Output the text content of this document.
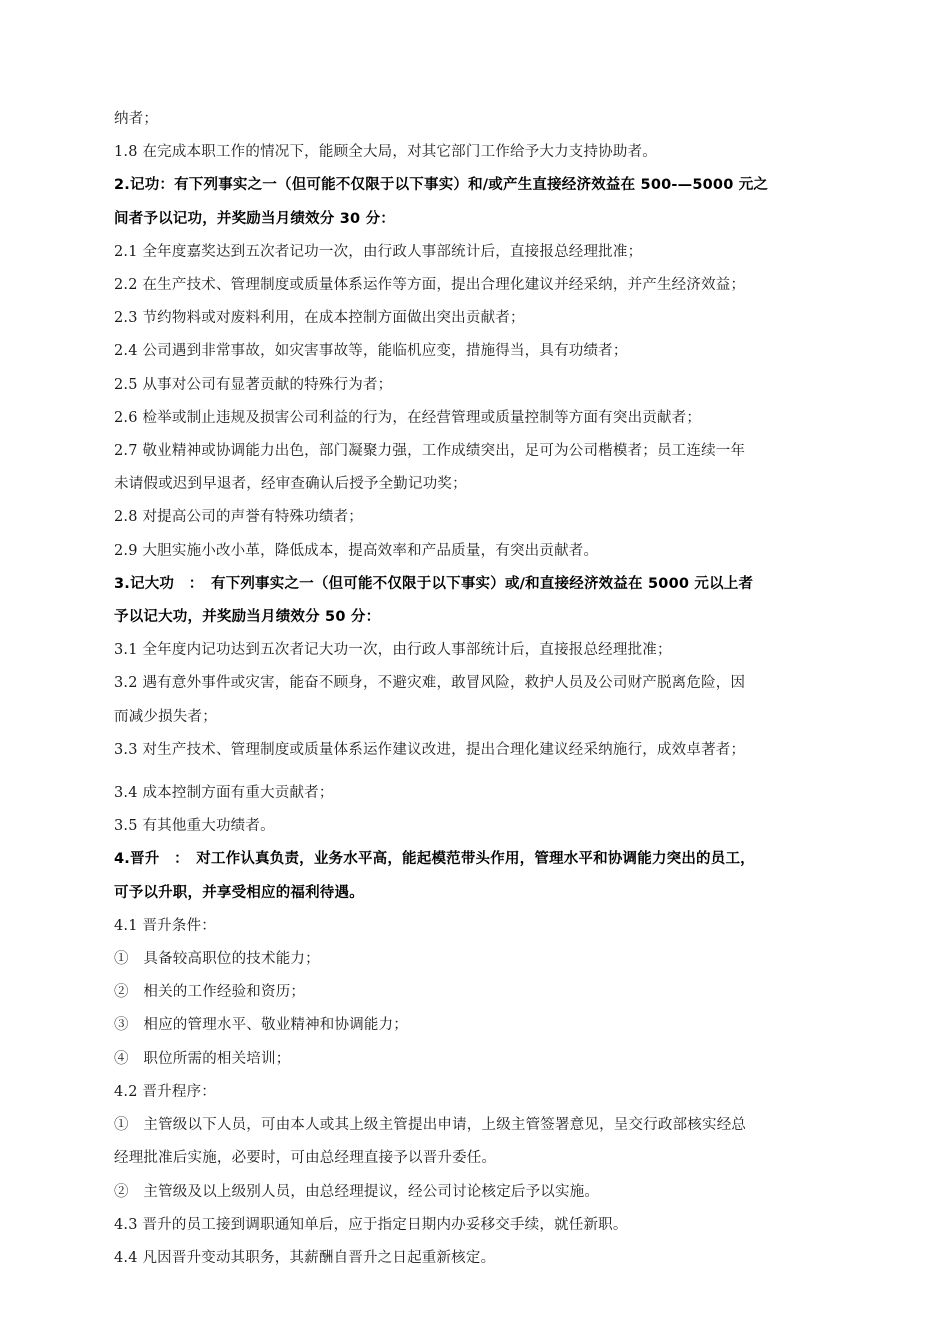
纳者；
1.8 在完成本职工作的情况下，能顾全大局，对其它部门工作给予大力支持协助者。
2.记功：有下列事实之一（但可能不仅限于以下事实）和/或产生直接经济效益在 500-—5000 元之
间者予以记功，并奖励当月绩效分 30 分：
2.1 全年度嘉奖达到五次者记功一次，由行政人事部统计后，直接报总经理批准；
2.2 在生产技术、管理制度或质量体系运作等方面，提出合理化建议并经采纳，并产生经济效益；
2.3 节约物料或对废料利用，在成本控制方面做出突出贡献者；
2.4 公司遇到非常事故，如灾害事故等，能临机应变，措施得当，具有功绩者；
2.5 从事对公司有显著贡献的特殊行为者；
2.6 检举或制止违规及损害公司利益的行为，在经营管理或质量控制等方面有突出贡献者；
2.7 敬业精神或协调能力出色，部门凝聚力强，工作成绩突出，足可为公司楷模者；员工连续一年
未请假或迟到早退者，经审查确认后授予全勤记功奖；
2.8 对提高公司的声誉有特殊功绩者；
2.9 大胆实施小改小革，降低成本，提高效率和产品质量，有突出贡献者。
3.记大功　：　有下列事实之一（但可能不仅限于以下事实）或/和直接经济效益在 5000 元以上者
予以记大功，并奖励当月绩效分 50 分：
3.1 全年度内记功达到五次者记大功一次，由行政人事部统计后，直接报总经理批准；
3.2 遇有意外事件或灾害，能奋不顾身，不避灾难，敢冒风险，救护人员及公司财产脱离危险，因
而减少损失者；
3.3 对生产技术、管理制度或质量体系运作建议改进，提出合理化建议经采纳施行，成效卓著者；
3.4 成本控制方面有重大贡献者；
3.5 有其他重大功绩者。
4.晋升　：　对工作认真负责，业务水平高，能起模范带头作用，管理水平和协调能力突出的员工，
可予以升职，并享受相应的福利待遇。
4.1 晋升条件：
①　具备较高职位的技术能力；
②　相关的工作经验和资历；
③　相应的管理水平、敬业精神和协调能力；
④　职位所需的相关培训；
4.2 晋升程序：
①　主管级以下人员，可由本人或其上级主管提出申请，上级主管签署意见，呈交行政部核实经总
经理批准后实施，必要时，可由总经理直接予以晋升委任。
②　主管级及以上级别人员，由总经理提议，经公司讨论核定后予以实施。
4.3 晋升的员工接到调职通知单后，应于指定日期内办妥移交手续，就任新职。
4.4 凡因晋升变动其职务，其薪酬自晋升之日起重新核定。
